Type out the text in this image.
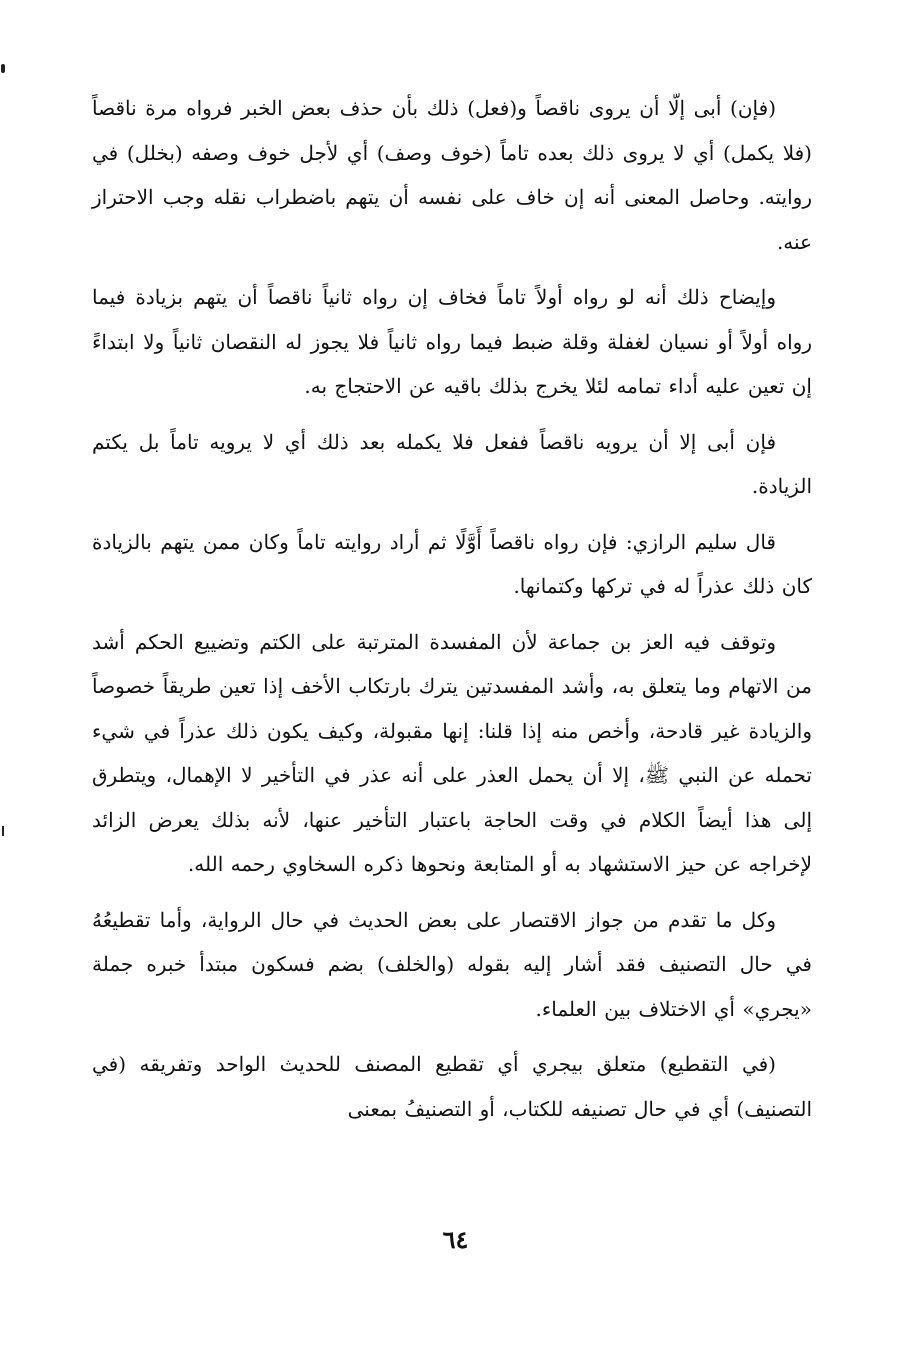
(فإن) أبى إلّا أن يروى ناقصاً و(فعل) ذلك بأن حذف بعض الخبر فرواه مرة ناقصاً (فلا يكمل) أي لا يروى ذلك بعده تاماً (خوف وصف) أي لأجل خوف وصفه (بخلل) في روايته. وحاصل المعنى أنه إن خاف على نفسه أن يتهم باضطراب نقله وجب الاحتراز عنه.

وإيضاح ذلك أنه لو رواه أولاً تاماً فخاف إن رواه ثانياً ناقصاً أن يتهم بزيادة فيما رواه أولاً أو نسيان لغفلة وقلة ضبط فيما رواه ثانياً فلا يجوز له النقصان ثانياً ولا ابتداءً إن تعين عليه أداء تمامه لئلا يخرج بذلك باقيه عن الاحتجاج به.

فإن أبى إلا أن يرويه ناقصاً ففعل فلا يكمله بعد ذلك أي لا يرويه تاماً بل يكتم الزيادة.

قال سليم الرازي: فإن رواه ناقصاً أَوَّلًا ثم أراد روايته تاماً وكان ممن يتهم بالزيادة كان ذلك عذراً له في تركها وكتمانها.

وتوقف فيه العز بن جماعة لأن المفسدة المترتبة على الكتم وتضييع الحكم أشد من الاتهام وما يتعلق به، وأشد المفسدتين يترك بارتكاب الأخف إذا تعين طريقاً خصوصاً والزيادة غير قادحة، وأخص منه إذا قلنا: إنها مقبولة، وكيف يكون ذلك عذراً في شيء تحمله عن النبي ﷺ، إلا أن يحمل العذر على أنه عذر في التأخير لا الإهمال، ويتطرق إلى هذا أيضاً الكلام في وقت الحاجة باعتبار التأخير عنها، لأنه بذلك يعرض الزائد لإخراجه عن حيز الاستشهاد به أو المتابعة ونحوها ذكره السخاوي رحمه الله.

وكل ما تقدم من جواز الاقتصار على بعض الحديث في حال الرواية، وأما تقطيعُهُ في حال التصنيف فقد أشار إليه بقوله (والخلف) بضم فسكون مبتدأ خبره جملة «يجري» أي الاختلاف بين العلماء.

(في التقطيع) متعلق بيجري أي تقطيع المصنف للحديث الواحد وتفريقه (في التصنيف) أي في حال تصنيفه للكتاب، أو التصنيفُ بمعنى

٦٤
